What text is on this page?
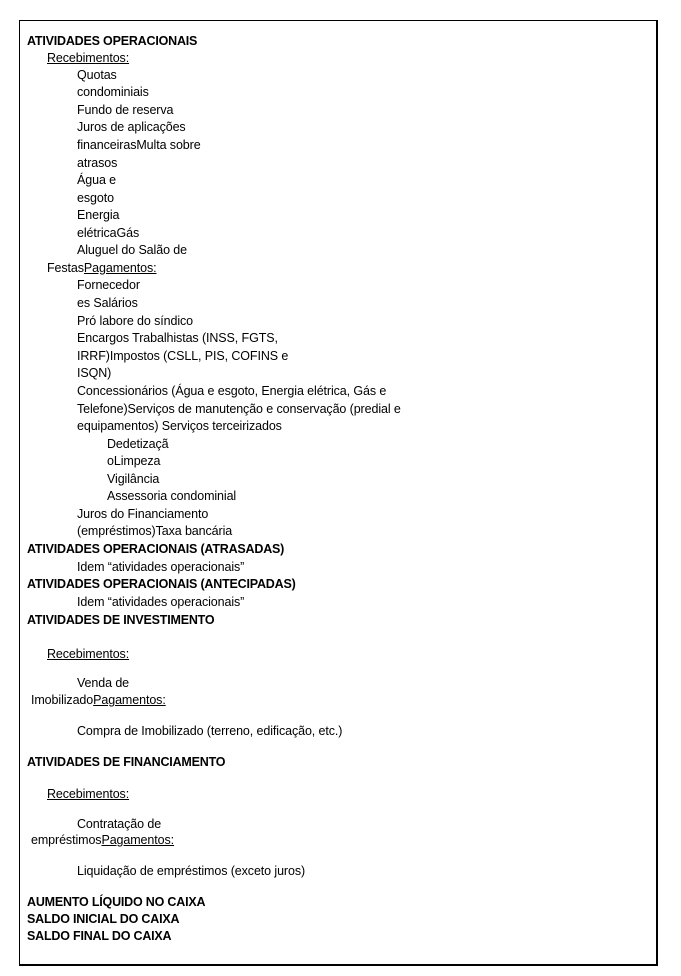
ATIVIDADES OPERACIONAIS
Recebimentos:
Quotas
condominiais
Fundo de reserva
Juros de aplicações
financeirasMulta sobre
atrasos
Água e
esgoto
Energia
elétricaGás
Aluguel do Salão de
FestasPagamentos:
Fornecedor
es Salários
Pró labore do síndico
Encargos Trabalhistas (INSS, FGTS,
IRRF)Impostos (CSLL, PIS, COFINS e
ISQN)
Concessionários (Água e esgoto, Energia elétrica, Gás e
Telefone)Serviços de manutenção e conservação (predial e
equipamentos) Serviços terceirizados
Dedetizaçã
oLimpeza
Vigilância
Assessoria condominial
Juros do Financiamento
(empréstimos)Taxa bancária
ATIVIDADES OPERACIONAIS (ATRASADAS)
Idem “atividades operacionais”
ATIVIDADES OPERACIONAIS (ANTECIPADAS)
Idem “atividades operacionais”
ATIVIDADES DE INVESTIMENTO
Recebimentos:
Venda de
ImobilizadoPagamentos:
Compra de Imobilizado (terreno, edificação, etc.)
ATIVIDADES DE FINANCIAMENTO
Recebimentos:
Contratação de
empréstimosPagamentos:
Liquidação de empréstimos (exceto juros)
AUMENTO LÍQUIDO NO CAIXA
SALDO INICIAL DO CAIXA
SALDO FINAL DO CAIXA
